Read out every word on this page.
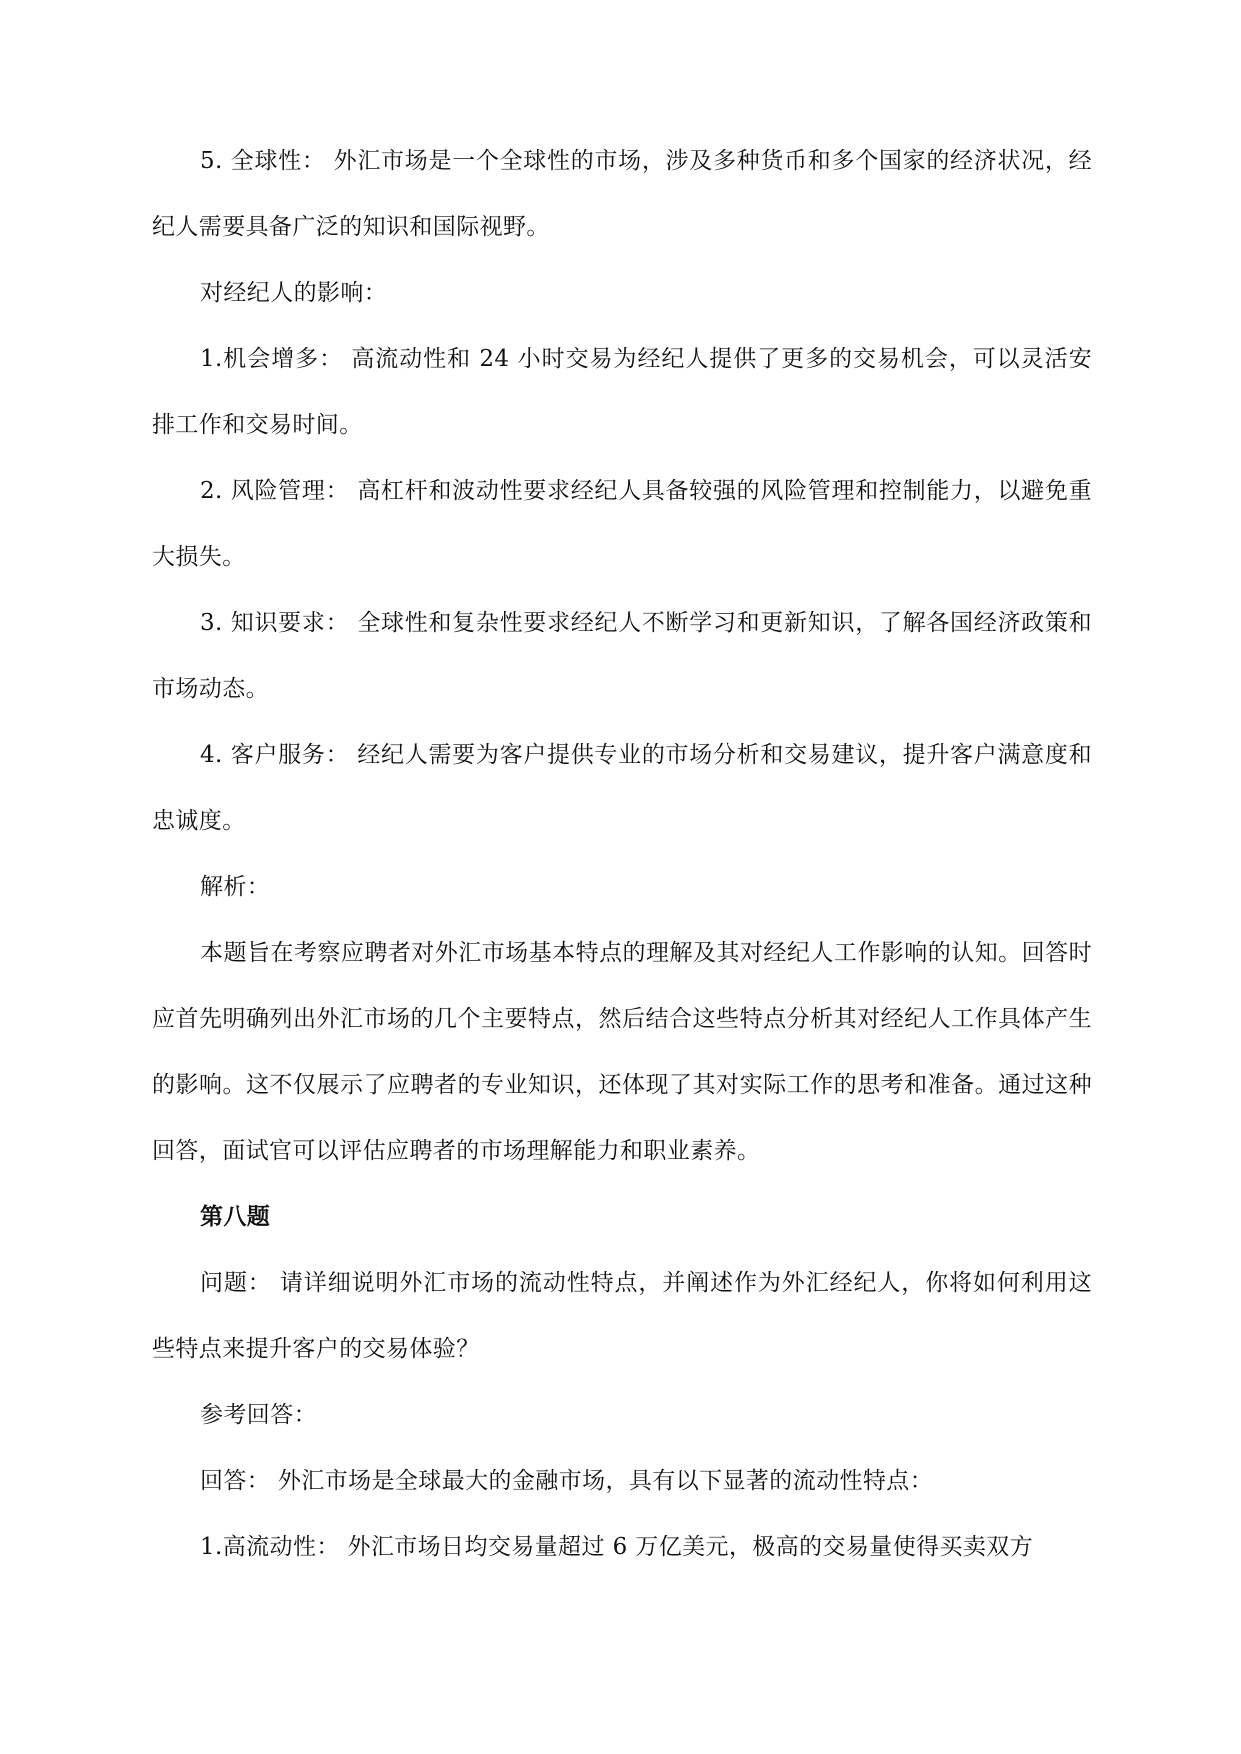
5. 全球性： 外汇市场是一个全球性的市场，涉及多种货币和多个国家的经济状况，经纪人需要具备广泛的知识和国际视野。

对经纪人的影响：

1.机会增多： 高流动性和 24 小时交易为经纪人提供了更多的交易机会，可以灵活安排工作和交易时间。

2. 风险管理： 高杠杆和波动性要求经纪人具备较强的风险管理和控制能力，以避免重大损失。

3. 知识要求： 全球性和复杂性要求经纪人不断学习和更新知识，了解各国经济政策和市场动态。

4. 客户服务： 经纪人需要为客户提供专业的市场分析和交易建议，提升客户满意度和忠诚度。

解析：

本题旨在考察应聘者对外汇市场基本特点的理解及其对经纪人工作影响的认知。回答时应首先明确列出外汇市场的几个主要特点，然后结合这些特点分析其对经纪人工作具体产生的影响。这不仅展示了应聘者的专业知识，还体现了其对实际工作的思考和准备。通过这种回答，面试官可以评估应聘者的市场理解能力和职业素养。

第八题

问题： 请详细说明外汇市场的流动性特点，并阐述作为外汇经纪人，你将如何利用这些特点来提升客户的交易体验？

参考回答：

回答： 外汇市场是全球最大的金融市场，具有以下显著的流动性特点：

1.高流动性： 外汇市场日均交易量超过 6 万亿美元，极高的交易量使得买卖双方
